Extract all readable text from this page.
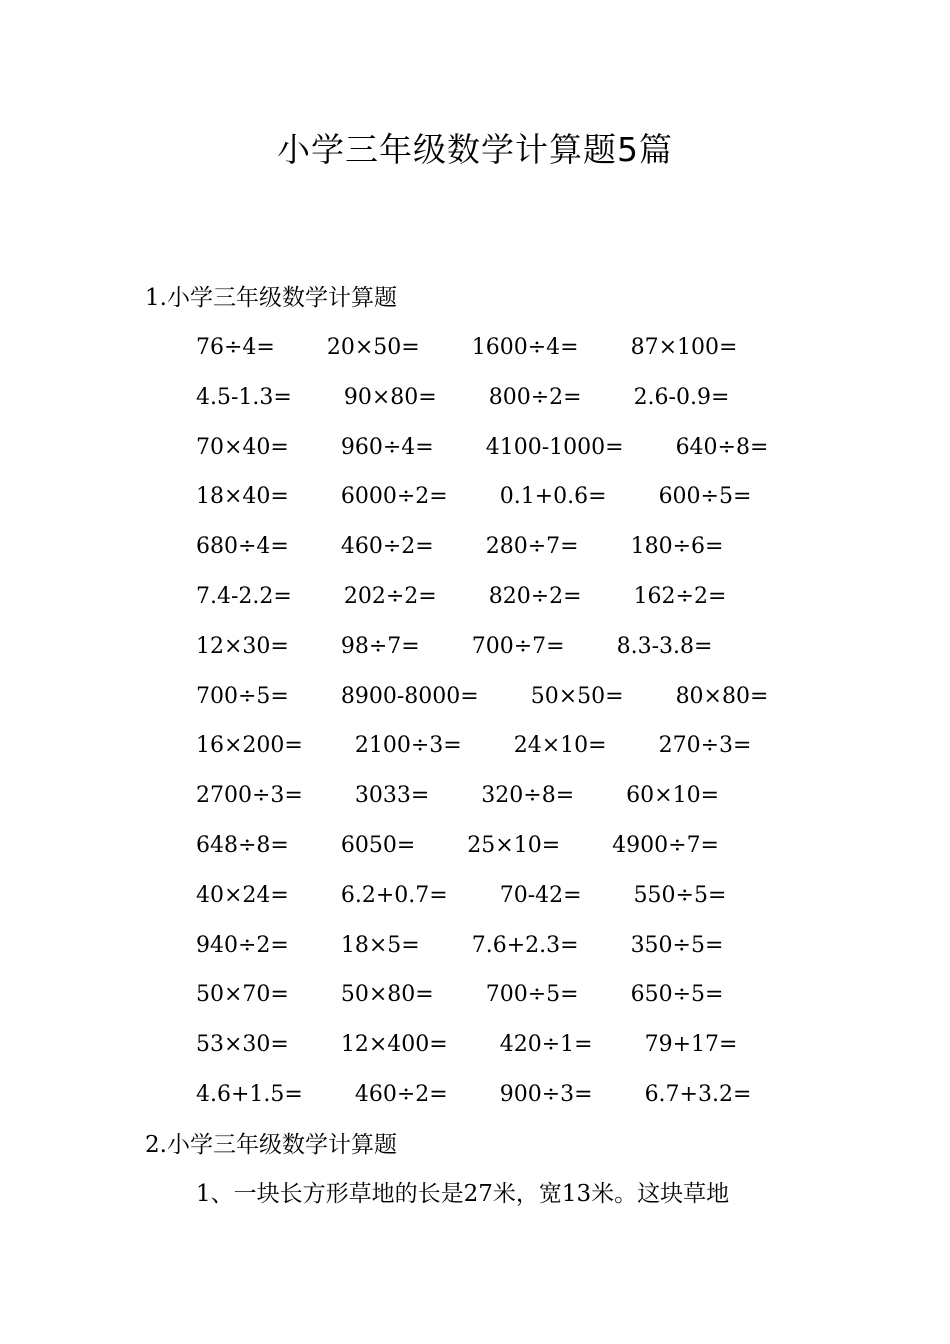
小学三年级数学计算题5篇
1.小学三年级数学计算题
76÷4= 20×50= 1600÷4= 87×100=
4.5-1.3= 90×80= 800÷2= 2.6-0.9=
70×40= 960÷4= 4100-1000= 640÷8=
18×40= 6000÷2= 0.1+0.6= 600÷5=
680÷4= 460÷2= 280÷7= 180÷6=
7.4-2.2= 202÷2= 820÷2= 162÷2=
12×30= 98÷7= 700÷7= 8.3-3.8=
700÷5= 8900-8000= 50×50= 80×80=
16×200= 2100÷3= 24×10= 270÷3=
2700÷3= 3033= 320÷8= 60×10=
648÷8= 6050= 25×10= 4900÷7=
40×24= 6.2+0.7= 70-42= 550÷5=
940÷2= 18×5= 7.6+2.3= 350÷5=
50×70= 50×80= 700÷5= 650÷5=
53×30= 12×400= 420÷1= 79+17=
4.6+1.5= 460÷2= 900÷3= 6.7+3.2=
2.小学三年级数学计算题
1、一块长方形草地的长是27米，宽13米。这块草地
